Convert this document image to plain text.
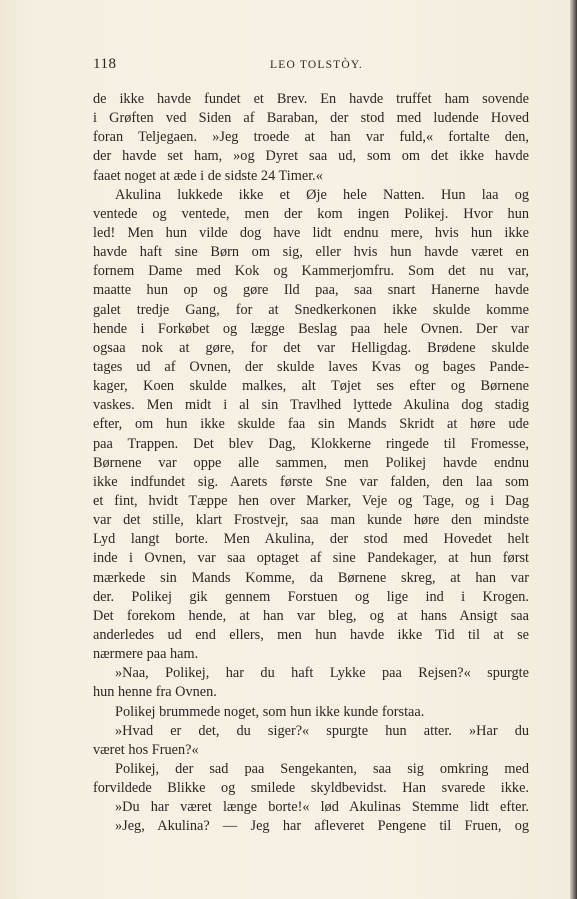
118	LEO TOLSTÒY.
de ikke havde fundet et Brev. En havde truffet ham sovende
i Grøften ved Siden af Baraban, der stod med ludende Hoved
foran Teljegaen. »Jeg troede at han var fuld,« fortalte den,
der havde set ham, »og Dyret saa ud, som om det ikke havde
faaet noget at æde i de sidste 24 Timer.«
Akulina lukkede ikke et Øje hele Natten. Hun laa og
ventede og ventede, men der kom ingen Polikej. Hvor hun
led! Men hun vilde dog have lidt endnu mere, hvis hun ikke
havde haft sine Børn om sig, eller hvis hun havde været en
fornem Dame med Kok og Kammerjomfru. Som det nu var,
maatte hun op og gøre Ild paa, saa snart Hanerne havde
galet tredje Gang, for at Snedkerkonen ikke skulde komme
hende i Forkøbet og lægge Beslag paa hele Ovnen. Der var
ogsaa nok at gøre, for det var Helligdag. Brødene skulde
tages ud af Ovnen, der skulde laves Kvas og bages Pande-
kager, Koen skulde malkes, alt Tøjet ses efter og Børnene
vaskes. Men midt i al sin Travlhed lyttede Akulina dog stadig
efter, om hun ikke skulde faa sin Mands Skridt at høre ude
paa Trappen. Det blev Dag, Klokkerne ringede til Fromesse,
Børnene var oppe alle sammen, men Polikej havde endnu
ikke indfundet sig. Aarets første Sne var falden, den laa som
et fint, hvidt Tæppe hen over Marker, Veje og Tage, og i Dag
var det stille, klart Frostvejr, saa man kunde høre den mindste
Lyd langt borte. Men Akulina, der stod med Hovedet helt
inde i Ovnen, var saa optaget af sine Pandekager, at hun først
mærkede sin Mands Komme, da Børnene skreg, at han var
der. Polikej gik gennem Forstuen og lige ind i Krogen.
Det forekom hende, at han var bleg, og at hans Ansigt saa
anderledes ud end ellers, men hun havde ikke Tid til at se
nærmere paa ham.
»Naa, Polikej, har du haft Lykke paa Rejsen?« spurgte
hun henne fra Ovnen.
Polikej brummede noget, som hun ikke kunde forstaa.
»Hvad er det, du siger?« spurgte hun atter. »Har du
været hos Fruen?«
Polikej, der sad paa Sengekanten, saa sig omkring med
forvildede Blikke og smilede skyldbevidst. Han svarede ikke.
»Du har været længe borte!« lød Akulinas Stemme lidt efter.
»Jeg, Akulina? — Jeg har afleveret Pengene til Fruen, og
